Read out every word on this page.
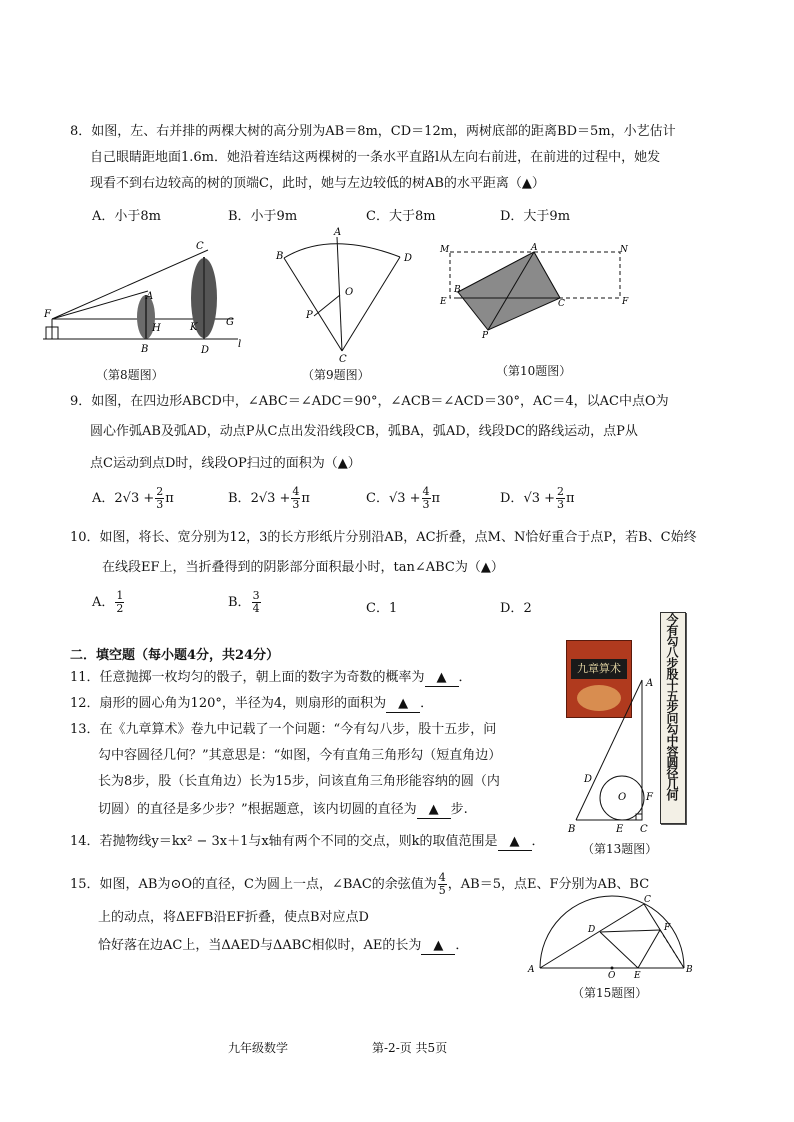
8．如图，左、右并排的两棵大树的高分别为AB＝8m，CD＝12m，两树底部的距离BD＝5m，小艺估计
自己眼睛距地面1.6m．她沿着连结这两棵树的一条水平直路l从左向右前进，在前进的过程中，她发
现看不到右边较高的树的顶端C，此时，她与左边较低的树AB的水平距离（▲）
A．小于8m	B．小于9m	C．大于8m	D．大于9m
C
A
F
H	K	G
B	D
l
（第8题图）
A
B	D
O
P
C
（第9题图）
M	A	N
B
C
E	F
P
（第10题图）
9．如图，在四边形ABCD中，∠ABC＝∠ADC＝90°，∠ACB＝∠ACD＝30°，AC＝4，以AC中点O为
圆心作弧AB及弧AD，动点P从C点出发沿线段CB，弧BA，弧AD，线段DC的路线运动，点P从
点C运动到点D时，线段OP扫过的面积为（▲）
A．$2√3 + \frac{2}{3}$ π	B．$2√3 + \frac{4}{3}$ π	C．$√3 + \frac{4}{3}$ π	D．$√3 + \frac{2}{3}$ π
10．如图，将长、宽分别为12，3的长方形纸片分别沿AB，AC折叠，点M、N恰好重合于点P，若B、C始终
在线段EF上，当折叠得到的阴影部分面积最小时，tan∠ABC为（▲）
A． $\frac{1}{2}$	B． $\frac{3}{4}$	C．1	D．2
二．填空题（每小题4分，共24分）
11．任意抛掷一枚均匀的骰子，朝上面的数字为奇数的概率为 ▲ ．
12．扇形的圆心角为120°，半径为4，则扇形的面积为 ▲ ．
13．在《九章算术》卷九中记载了一个问题：“今有勾八步，股十五步，问
勾中容圆径几何？”其意思是：“如图，今有直角三角形勾（短直角边）
长为8步，股（长直角边）长为15步，问该直角三角形能容纳的圆（内
切圆）的直径是多少步？”根据题意，该内切圆的直径为 ▲ 步.
14．若抛物线y＝kx² − 3x＋1与x轴有两个不同的交点，则k的取值范围是 ▲ ．
九章算术	今有勾八步股十五步问勾中容圆径几何
A
D
O F
B	E C
（第13题图）
15．如图，AB为⊙O的直径，C为圆上一点，∠BAC的余弦值为 $\frac{4}{5}$ ，AB＝5，点E、F分别为AB、BC
上的动点，将ΔEFB沿EF折叠，使点B对应点D
恰好落在边AC上，当ΔAED与ΔABC相似时，AE的长为 ▲ ．
C
D	F
A
O E
B
（第15题图）
九年级数学	第-2-页 共5页
